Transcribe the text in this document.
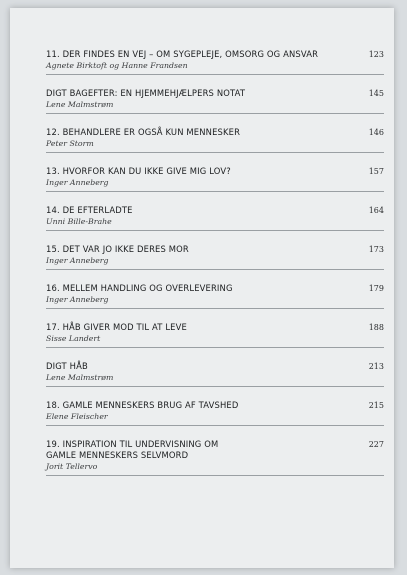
11. DER FINDES EN VEJ – OM SYGEPLEJE, OMSORG OG ANSVAR
Agnete Birktoft og Hanne Frandsen
123
DIGT BAGEFTER: EN HJEMMEHJÆLPERS NOTAT
Lene Malmstrøm
145
12. BEHANDLERE ER OGSÅ KUN MENNESKER
Peter Storm
146
13. HVORFOR KAN DU IKKE GIVE MIG LOV?
Inger Anneberg
157
14. DE EFTERLADTE
Unni Bille-Brahe
164
15. DET VAR JO IKKE DERES MOR
Inger Anneberg
173
16. MELLEM HANDLING OG OVERLEVERING
Inger Anneberg
179
17. HÅB GIVER MOD TIL AT LEVE
Sisse Landert
188
DIGT HÅB
Lene Malmstrøm
213
18. GAMLE MENNESKERS BRUG AF TAVSHED
Elene Fleischer
215
19. INSPIRATION TIL UNDERVISNING OM
GAMLE MENNESKERS SELVMORD
Jorit Tellervo
227
